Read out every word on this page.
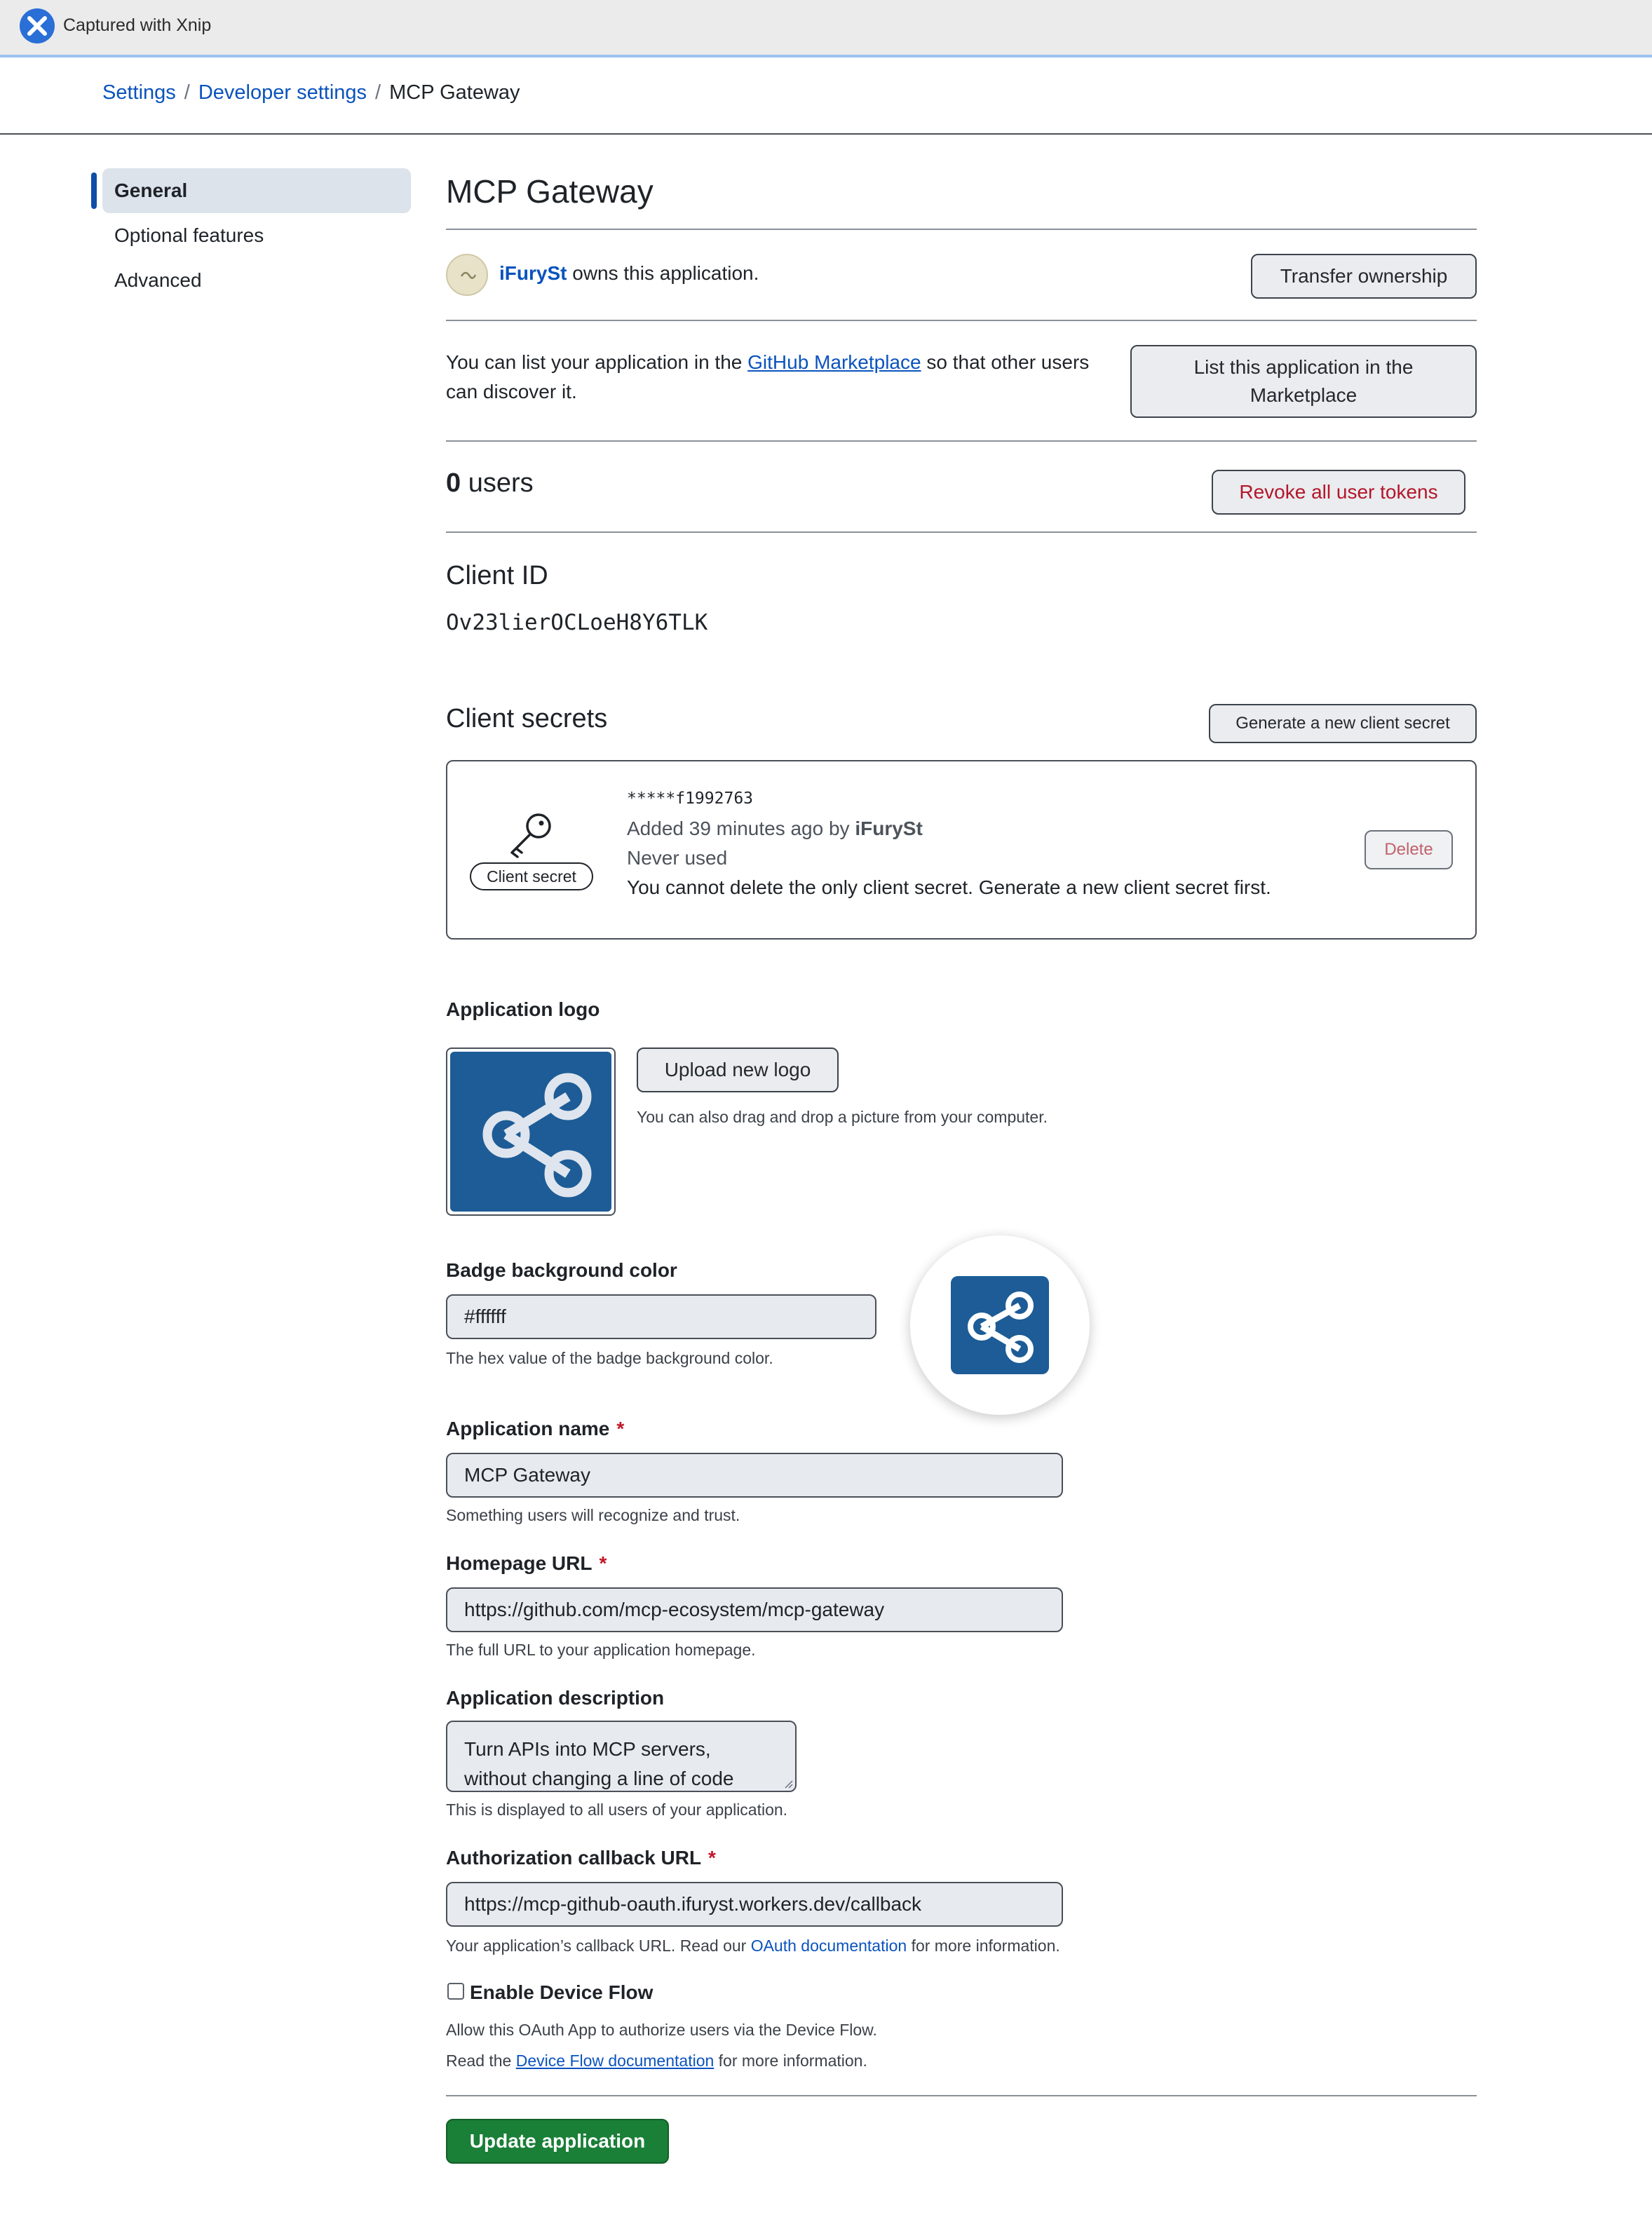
Captured with Xnip
Settings / Developer settings / MCP Gateway
General
Optional features
Advanced
MCP Gateway
iFurySt owns this application.	Transfer ownership
You can list your application in the GitHub Marketplace so that other users
can discover it.
List this application in the
Marketplace
0 users	Revoke all user tokens
Client ID
Ov23lierOCLoeH8Y6TLK
Client secrets	Generate a new client secret
Client secret
*****f1992763
Added 39 minutes ago by iFurySt
Never used
You cannot delete the only client secret. Generate a new client secret first.
Delete
Application logo
Upload new logo
You can also drag and drop a picture from your computer.
Badge background color
#ffffff
The hex value of the badge background color.
Application name *
MCP Gateway
Something users will recognize and trust.
Homepage URL *
https://github.com/mcp-ecosystem/mcp-gateway
The full URL to your application homepage.
Application description
Turn APIs into MCP servers,
without changing a line of code
This is displayed to all users of your application.
Authorization callback URL *
https://mcp-github-oauth.ifuryst.workers.dev/callback
Your application’s callback URL. Read our OAuth documentation for more information.
Enable Device Flow
Allow this OAuth App to authorize users via the Device Flow.
Read the Device Flow documentation for more information.
Update application
